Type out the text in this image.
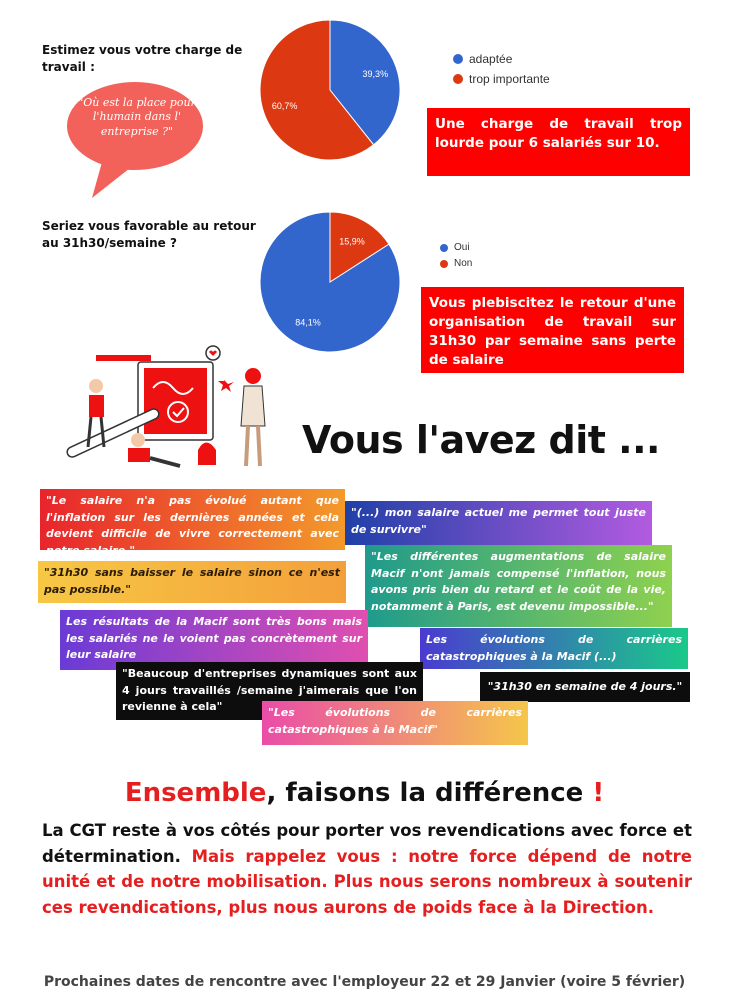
Estimez vous votre charge de travail :	39,3%
60,7%
adaptée
trop importante
"Où est la place pour l'humain dans l' entreprise ?"	Une charge de travail trop lourde pour 6 salariés sur 10.
Seriez vous favorable au retour au 31h30/semaine ?
84,1%
15,9%
Oui
Non
Vous plebiscitez le retour d'une organisation de travail sur 31h30 par semaine sans perte de salaire
Vous l'avez dit ...
"Le salaire n'a pas évolué autant que l'inflation sur les dernières années et cela devient difficile de vivre correctement avec notre salaire."
"(...) mon salaire actuel me permet tout juste de survivre"
"Les différentes augmentations de salaire Macif n'ont jamais compensé l'inflation, nous avons pris bien du retard et le coût de la vie, notamment à Paris, est devenu impossible..."
"31h30 sans baisser le salaire sinon ce n'est pas possible."
Les résultats de la Macif sont très bons mais les salariés ne le voient pas concrètement sur leur salaire
Les évolutions de carrières catastrophiques à la Macif (...)
"Beaucoup d'entreprises dynamiques sont aux 4 jours travaillés /semaine j'aimerais que l'on revienne à cela"
"31h30 en semaine de 4 jours."
"Les évolutions de carrières catastrophiques à la Macif"
Ensemble, faisons la différence !
La CGT reste à vos côtés pour porter vos revendications avec force et détermination. Mais rappelez vous : notre force dépend de notre unité et de notre mobilisation. Plus nous serons nombreux à soutenir ces revendications, plus nous aurons de poids face à la Direction.
Prochaines dates de rencontre avec l'employeur 22 et 29 Janvier (voire 5 février)
